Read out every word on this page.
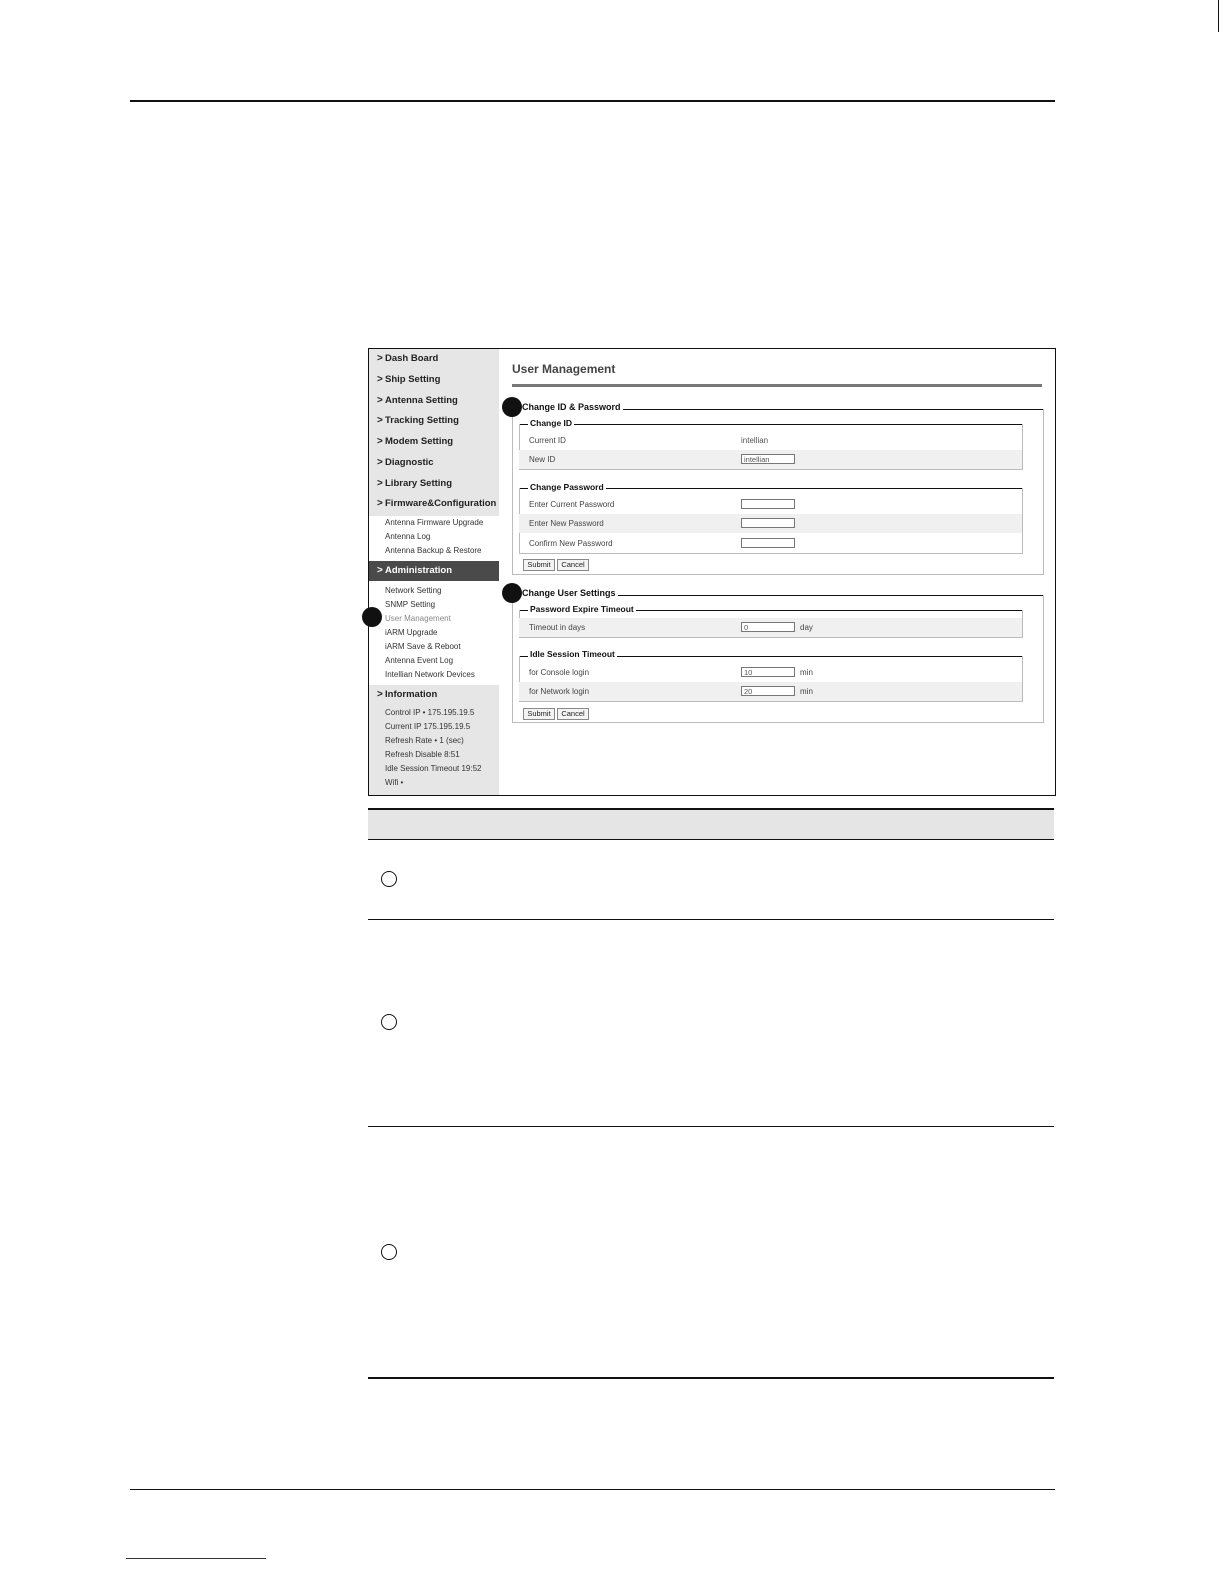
> Dash Board
> Ship Setting
> Antenna Setting
> Tracking Setting
> Modem Setting
> Diagnostic
> Library Setting
> Firmware&Configuration
Antenna Firmware Upgrade
Antenna Log
Antenna Backup & Restore
> Administration
Network Setting
SNMP Setting
User Management
iARM Upgrade
iARM Save & Reboot
Antenna Event Log
Intellian Network Devices
> Information
Control IP • 175.195.19.5
Current IP 175.195.19.5
Refresh Rate • 1 (sec)
Refresh Disable 8:51
Idle Session Timeout 19:52
Wifi •
User Management
Change ID & Password
Change ID
Current ID	intellian
New ID	intellian
Change Password
Enter Current Password
Enter New Password
Confirm New Password
Submit	Cancel
Change User Settings
Password Expire Timeout
Timeout in days	0	day
Idle Session Timeout
for Console login	10	min
for Network login	20	min
Submit	Cancel
